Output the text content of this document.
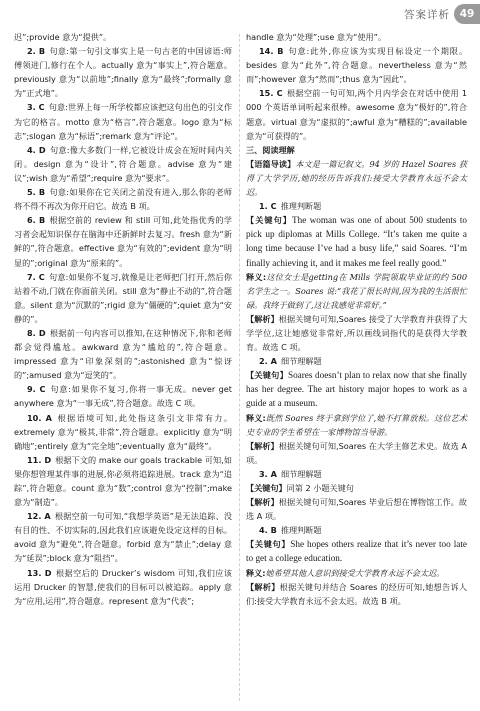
答案详析 49

迟”;provide 意为“提供”。

2. B  句意:第一句引文事实上是一句古老的中国谚语:师傅领进门,修行在个人。actually 意为“事实上”,符合题意。previously 意为“以前地”;finally 意为“最终”;formally 意为“正式地”。

3. C  句意:世界上每一所学校都应该把这句出色的引文作为它的格言。motto 意为“格言”,符合题意。logo 意为“标志”;slogan 意为“标语”;remark 意为“评论”。

4. D  句意:像大多数门一样,它被设计成会在短时间内关闭。design 意为“设计”,符合题意。advise 意为“建议”;wish 意为“希望”;require 意为“要求”。

5. B  句意:如果你在它关闭之前没有进入,那么你的老师将不得不再次为你开启它。故选 B 项。

6. B  根据空前的 review 和 still 可知,此处指优秀的学习者会起知识保存在脑海中还新鲜时去复习。fresh 意为“新鲜的”,符合题意。effective 意为“有效的”;evident 意为“明显的”;original 意为“原来的”。

7. C  句意:如果你不复习,就像是让老师把门打开,然后你站着不动,门就在你面前关闭。still 意为“静止不动的”,符合题意。silent 意为“沉默的”;rigid 意为“僵硬的”;quiet 意为“安静的”。

8. D  根据前一句内容可以推知,在这种情况下,你和老师都会觉得尴尬。awkward 意为“尴尬的”,符合题意。impressed 意为“印象深刻的”;astonished 意为“惊讶的”;amused 意为“逗笑的”。

9. C  句意:如果你不复习,你将一事无成。never get anywhere 意为“一事无成”,符合题意。故选 C 项。

10. A  根据语境可知,此处指这条引文非常有力。extremely 意为“极其,非常”,符合题意。explicitly 意为“明确地”;entirely 意为“完全地”;eventually 意为“最终”。

11. D  根据下文的 make our goals trackable 可知,如果你想管理某件事的进展,你必须将追踪进展。track 意为“追踪”,符合题意。count 意为“数”;control 意为“控制”;make 意为“制造”。

12. A  根据空前一句可知,“我想学英语”是无法追踪、没有目的性、不切实际的,因此我们应该避免设定这样的目标。avoid 意为“避免”,符合题意。forbid 意为“禁止”;delay 意为“延误”;block 意为“阻挡”。

13. D  根据空后的 Drucker’s wisdom 可知,我们应该运用 Drucker 的智慧,使我们的目标可以被追踪。apply 意为“应用,运用”,符合题意。represent 意为“代表”;

handle 意为“处理”;use 意为“使用”。

14. B  句意:此外,你应该为实现目标设定一个期限。besides 意为“此外”,符合题意。nevertheless 意为“然而”;however 意为“然而”;thus 意为“因此”。

15. C  根据空前一句可知,两个月内学会在对话中使用 1 000 个英语单词听起来很棒。awesome 意为“极好的”,符合题意。virtual 意为“虚拟的”;awful 意为“糟糕的”;available 意为“可获得的”。

三、阅读理解

【语篇导读】本文是一篇记叙文。94 岁的 Hazel Soares 获得了大学学历,她的经历告诉我们:接受大学教育永远不会太迟。

1. C  推理判断题

【关键句】The woman was one of about 500 students to pick up diplomas at Mills College. “It’s taken me quite a long time because I’ve had a busy life,” said Soares. “I’m finally achieving it, and it makes me feel really good.”

释义:这位女士是getting在 Mills 学院领取毕业证的约 500 名学生之一。Soares 说:“我花了很长时间,因为我的生活很忙碌。我终于做到了,这让我感觉非常好。”

【解析】根据关键句可知,Soares 接受了大学教育并获得了大学学位,这让她感觉非常好,所以画线词指代的是获得大学教育。故选 C 项。

2. A  细节理解题

【关键句】Soares doesn’t plan to relax now that she finally has her degree. The art history major hopes to work as a guide at a museum.

释义:既然 Soares 终于拿到学位了,她不打算放松。这位艺术史专业的学生希望在一家博物馆当导游。

【解析】根据关键句可知,Soares 在大学主修艺术史。故选 A 项。

3. A  细节理解题

【关键句】同第 2 小题关键句

【解析】根据关键句可知,Soares 毕业后想在博物馆工作。故选 A 项。

4. B  推理判断题

【关键句】She hopes others realize that it’s never too late to get a college education.

释义:她希望其他人意识到接受大学教育永远不会太迟。

【解析】根据关键句并结合 Soares 的经历可知,她想告诉人们:接受大学教育永远不会太迟。故选 B 项。
